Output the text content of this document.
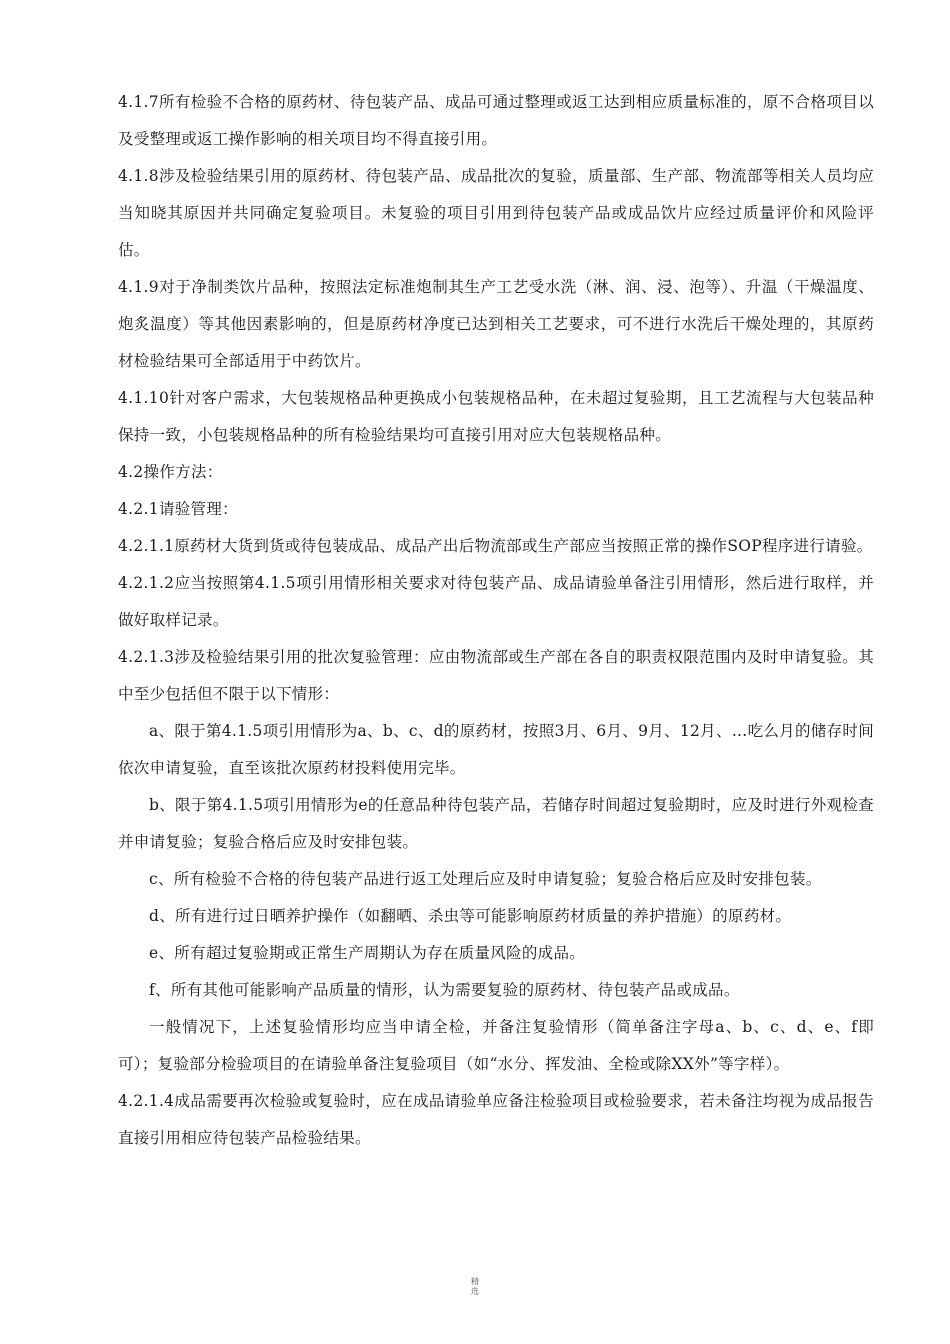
4.1.7所有检验不合格的原药材、待包装产品、成品可通过整理或返工达到相应质量标准的，原不合格项目以及受整理或返工操作影响的相关项目均不得直接引用。

4.1.8涉及检验结果引用的原药材、待包装产品、成品批次的复验，质量部、生产部、物流部等相关人员均应当知晓其原因并共同确定复验项目。未复验的项目引用到待包装产品或成品饮片应经过质量评价和风险评估。

4.1.9对于净制类饮片品种，按照法定标准炮制其生产工艺受水洗（淋、润、浸、泡等）、升温（干燥温度、炮炙温度）等其他因素影响的，但是原药材净度已达到相关工艺要求，可不进行水洗后干燥处理的，其原药材检验结果可全部适用于中药饮片。

4.1.10针对客户需求，大包装规格品种更换成小包装规格品种，在未超过复验期，且工艺流程与大包装品种保持一致，小包装规格品种的所有检验结果均可直接引用对应大包装规格品种。

4.2操作方法：

4.2.1请验管理：

4.2.1.1原药材大货到货或待包装成品、成品产出后物流部或生产部应当按照正常的操作SOP程序进行请验。

4.2.1.2应当按照第4.1.5项引用情形相关要求对待包装产品、成品请验单备注引用情形，然后进行取样，并做好取样记录。

4.2.1.3涉及检验结果引用的批次复验管理：应由物流部或生产部在各自的职责权限范围内及时申请复验。其中至少包括但不限于以下情形：

a、限于第4.1.5项引用情形为a、b、c、d的原药材，按照3月、6月、9月、12月、…吃么月的储存时间依次申请复验，直至该批次原药材投料使用完毕。

b、限于第4.1.5项引用情形为e的任意品种待包装产品，若储存时间超过复验期时，应及时进行外观检查并申请复验；复验合格后应及时安排包装。

c、所有检验不合格的待包装产品进行返工处理后应及时申请复验；复验合格后应及时安排包装。

d、所有进行过日晒养护操作（如翻晒、杀虫等可能影响原药材质量的养护措施）的原药材。

e、所有超过复验期或正常生产周期认为存在质量风险的成品。

f、所有其他可能影响产品质量的情形，认为需要复验的原药材、待包装产品或成品。

一般情况下，上述复验情形均应当申请全检，并备注复验情形（简单备注字母a、b、c、d、e、f即可）；复验部分检验项目的在请验单备注复验项目（如“水分、挥发油、全检或除XX外”等字样）。

4.2.1.4成品需要再次检验或复验时，应在成品请验单应备注检验项目或检验要求，若未备注均视为成品报告直接引用相应待包装产品检验结果。

精
选
